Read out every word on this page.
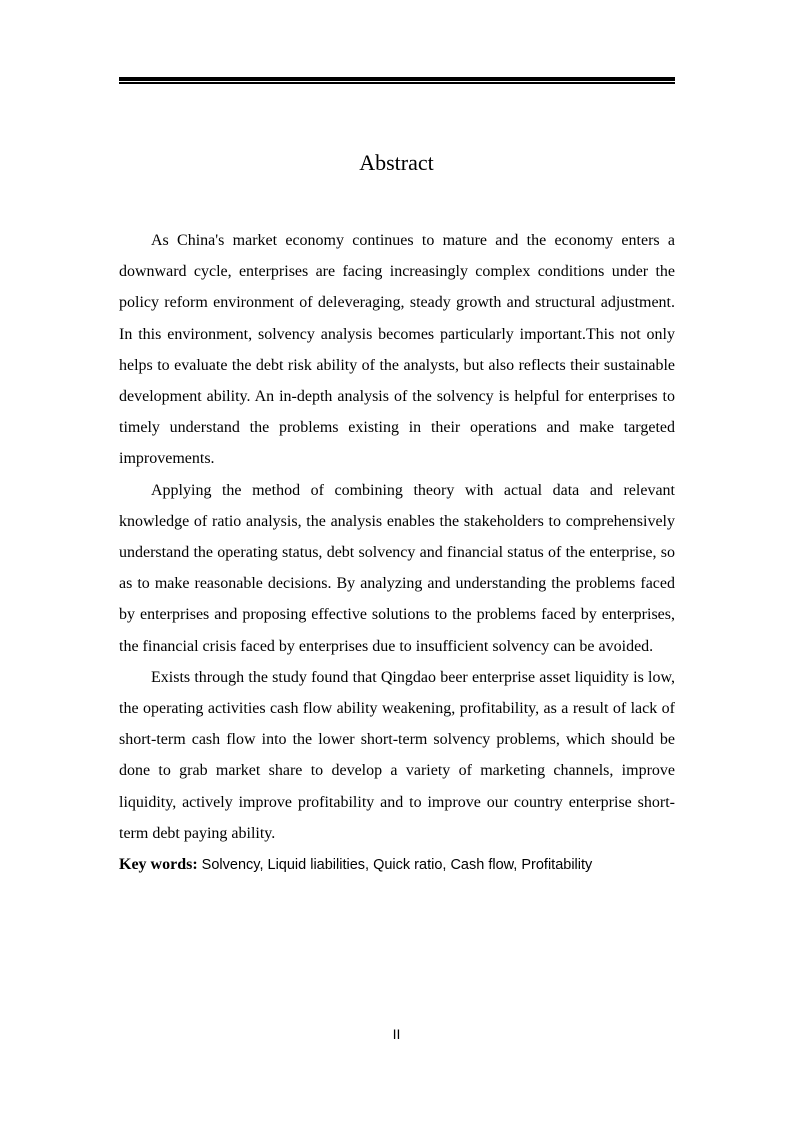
Abstract

As China's market economy continues to mature and the economy enters a downward cycle, enterprises are facing increasingly complex conditions under the policy reform environment of deleveraging, steady growth and structural adjustment. In this environment, solvency analysis becomes particularly important.This not only helps to evaluate the debt risk ability of the analysts, but also reflects their sustainable development ability. An in-depth analysis of the solvency is helpful for enterprises to timely understand the problems existing in their operations and make targeted improvements.

Applying the method of combining theory with actual data and relevant knowledge of ratio analysis, the analysis enables the stakeholders to comprehensively understand the operating status, debt solvency and financial status of the enterprise, so as to make reasonable decisions. By analyzing and understanding the problems faced by enterprises and proposing effective solutions to the problems faced by enterprises, the financial crisis faced by enterprises due to insufficient solvency can be avoided.

Exists through the study found that Qingdao beer enterprise asset liquidity is low, the operating activities cash flow ability weakening, profitability, as a result of lack of short-term cash flow into the lower short-term solvency problems, which should be done to grab market share to develop a variety of marketing channels, improve liquidity, actively improve profitability and to improve our country enterprise short-term debt paying ability.

Key words: Solvency, Liquid liabilities, Quick ratio, Cash flow, Profitability

II
